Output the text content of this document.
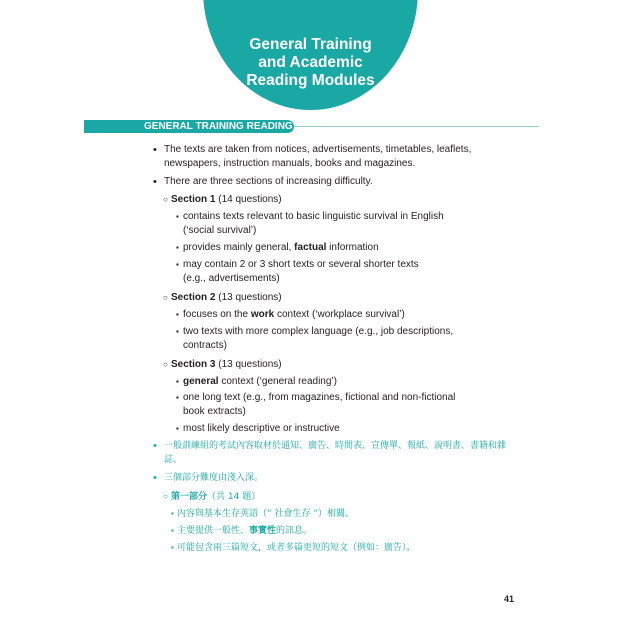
General Training
and Academic
Reading Modules
GENERAL TRAINING READING
• The texts are taken from notices, advertisements, timetables, leaflets,
newspapers, instruction manuals, books and magazines.
• There are three sections of increasing difficulty.
○ Section 1 (14 questions)
▪ contains texts relevant to basic linguistic survival in English
(‘social survival’)
▪ provides mainly general, factual information
▪ may contain 2 or 3 short texts or several shorter texts
(e.g., advertisements)
○ Section 2 (13 questions)
▪ focuses on the work context (‘workplace survival’)
▪ two texts with more complex language (e.g., job descriptions,
contracts)
○ Section 3 (13 questions)
▪ general context (‘general reading’)
▪ one long text (e.g., from magazines, fictional and non-fictional
book extracts)
▪ most likely descriptive or instructive
• 一般訓練組的考試內容取材於通知、廣告、時間表、宣傳單、報紙、說明書、書籍和雜
誌。
• 三個部分難度由淺入深。
○ 第一部分（共 14 題）
▪ 內容與基本生存英語（“ 社會生存 ”）相關。
▪ 主要提供一般性、事實性的訊息。
▪ 可能包含兩三篇短文，或者多篇更短的短文（例如：廣告）。
41
